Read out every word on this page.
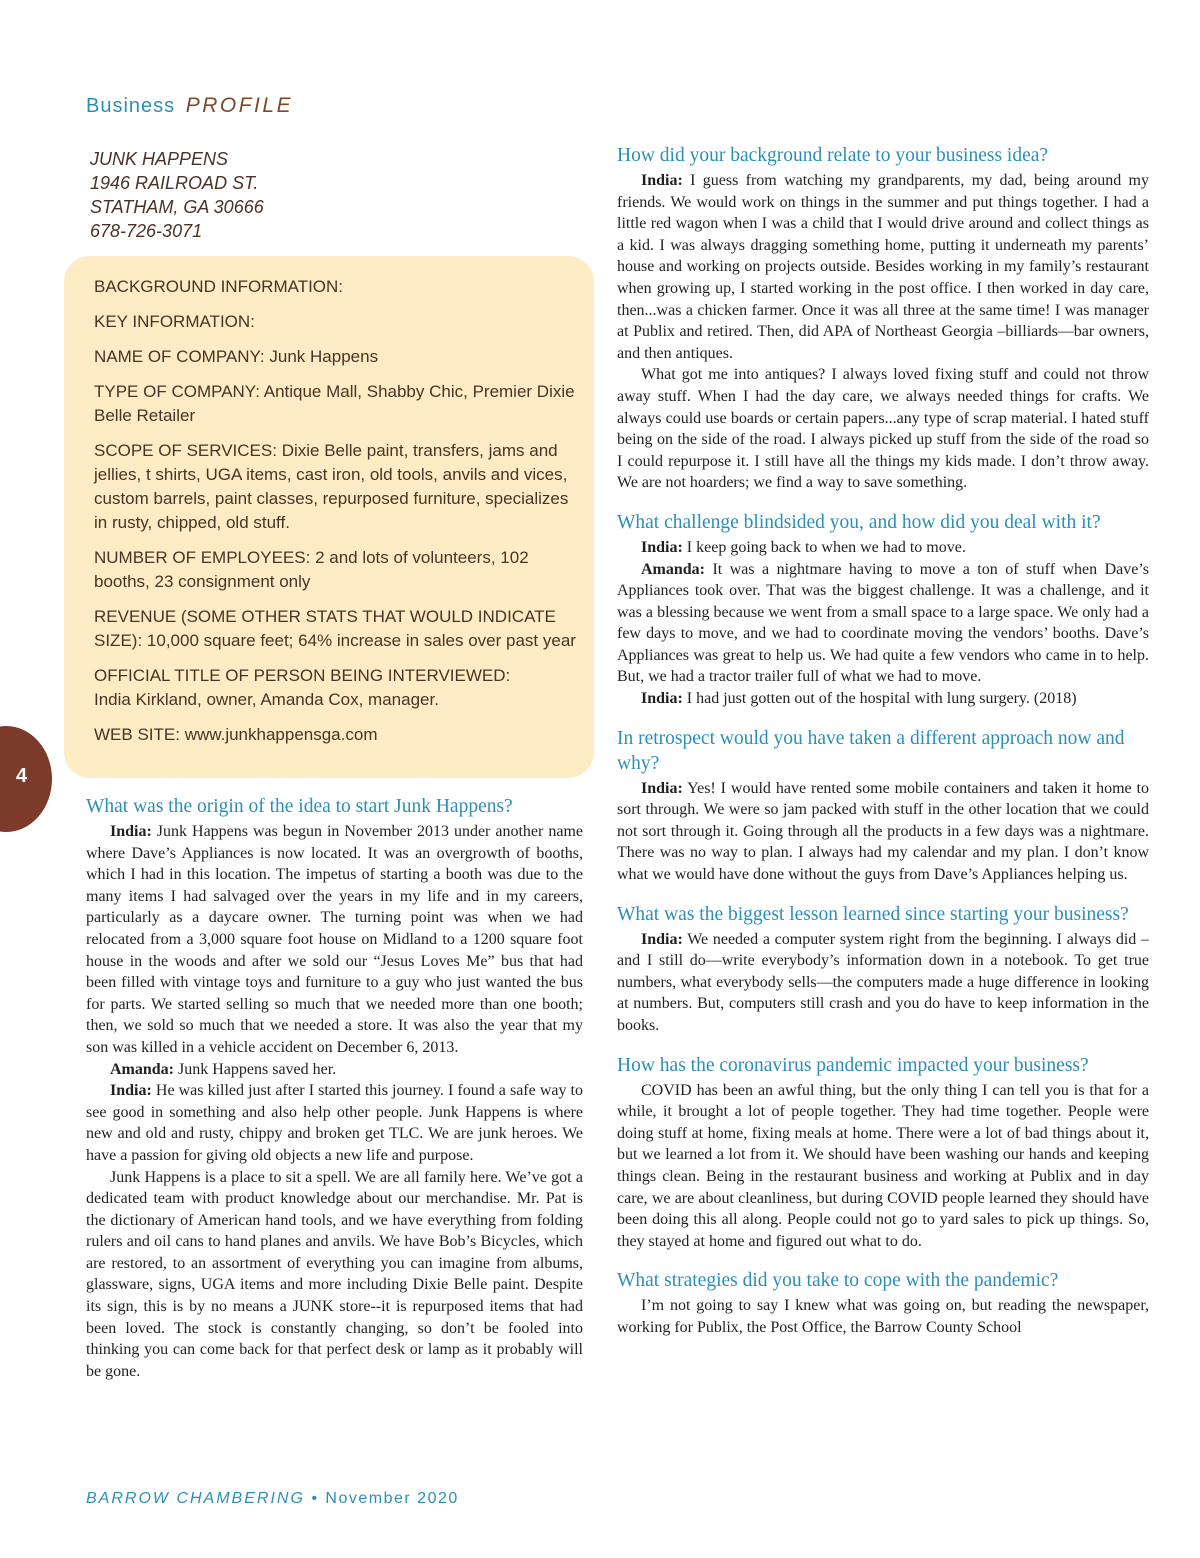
Business PROFILE
JUNK HAPPENS
1946 RAILROAD ST.
STATHAM, GA 30666
678-726-3071

BACKGROUND INFORMATION:

KEY INFORMATION:

NAME OF COMPANY: Junk Happens

TYPE OF COMPANY: Antique Mall, Shabby Chic, Premier Dixie Belle Retailer

SCOPE OF SERVICES: Dixie Belle paint, transfers, jams and jellies, t shirts, UGA items, cast iron, old tools, anvils and vices, custom barrels, paint classes, repurposed furniture, specializes in rusty, chipped, old stuff.

NUMBER OF EMPLOYEES: 2 and lots of volunteers, 102 booths, 23 consignment only

REVENUE (SOME OTHER STATS THAT WOULD INDICATE SIZE): 10,000 square feet; 64% increase in sales over past year

OFFICIAL TITLE OF PERSON BEING INTERVIEWED:
India Kirkland, owner, Amanda Cox, manager.

WEB SITE: www.junkhappensga.com

4
What was the origin of the idea to start Junk Happens?

India: Junk Happens was begun in November 2013 under another name where Dave’s Appliances is now located. It was an overgrowth of booths, which I had in this location. The impetus of starting a booth was due to the many items I had salvaged over the years in my life and in my careers, particularly as a daycare owner. The turning point was when we had relocated from a 3,000 square foot house on Midland to a 1200 square foot house in the woods and after we sold our “Jesus Loves Me” bus that had been filled with vintage toys and furniture to a guy who just wanted the bus for parts. We started selling so much that we needed more than one booth; then, we sold so much that we needed a store. It was also the year that my son was killed in a vehicle accident on December 6, 2013.

Amanda: Junk Happens saved her.

India: He was killed just after I started this journey. I found a safe way to see good in something and also help other people. Junk Happens is where new and old and rusty, chippy and broken get TLC. We are junk heroes. We have a passion for giving old objects a new life and purpose.

Junk Happens is a place to sit a spell. We are all family here. We’ve got a dedicated team with product knowledge about our merchandise. Mr. Pat is the dictionary of American hand tools, and we have everything from folding rulers and oil cans to hand planes and anvils. We have Bob’s Bicycles, which are restored, to an assortment of everything you can imagine from albums, glassware, signs, UGA items and more including Dixie Belle paint. Despite its sign, this is by no means a JUNK store--it is repurposed items that had been loved. The stock is constantly changing, so don’t be fooled into thinking you can come back for that perfect desk or lamp as it probably will be gone.

How did your background relate to your business idea?

India: I guess from watching my grandparents, my dad, being around my friends. We would work on things in the summer and put things together. I had a little red wagon when I was a child that I would drive around and collect things as a kid. I was always dragging something home, putting it underneath my parents’ house and working on projects outside. Besides working in my family’s restaurant when growing up, I started working in the post office. I then worked in day care, then...was a chicken farmer. Once it was all three at the same time! I was manager at Publix and retired. Then, did APA of Northeast Georgia –billiards—bar owners, and then antiques.

What got me into antiques? I always loved fixing stuff and could not throw away stuff. When I had the day care, we always needed things for crafts. We always could use boards or certain papers...any type of scrap material. I hated stuff being on the side of the road. I always picked up stuff from the side of the road so I could repurpose it. I still have all the things my kids made. I don’t throw away. We are not hoarders; we find a way to save something.

What challenge blindsided you, and how did you deal with it?

India: I keep going back to when we had to move.

Amanda: It was a nightmare having to move a ton of stuff when Dave’s Appliances took over. That was the biggest challenge. It was a challenge, and it was a blessing because we went from a small space to a large space. We only had a few days to move, and we had to coordinate moving the vendors’ booths. Dave’s Appliances was great to help us. We had quite a few vendors who came in to help. But, we had a tractor trailer full of what we had to move.

India: I had just gotten out of the hospital with lung surgery. (2018)

In retrospect would you have taken a different approach now and why?

India: Yes! I would have rented some mobile containers and taken it home to sort through. We were so jam packed with stuff in the other location that we could not sort through it. Going through all the products in a few days was a nightmare. There was no way to plan. I always had my calendar and my plan. I don’t know what we would have done without the guys from Dave’s Appliances helping us.

What was the biggest lesson learned since starting your business?

India: We needed a computer system right from the beginning. I always did –and I still do—write everybody’s information down in a notebook. To get true numbers, what everybody sells—the computers made a huge difference in looking at numbers. But, computers still crash and you do have to keep information in the books.

How has the coronavirus pandemic impacted your business?

COVID has been an awful thing, but the only thing I can tell you is that for a while, it brought a lot of people together. They had time together. People were doing stuff at home, fixing meals at home. There were a lot of bad things about it, but we learned a lot from it. We should have been washing our hands and keeping things clean. Being in the restaurant business and working at Publix and in day care, we are about cleanliness, but during COVID people learned they should have been doing this all along. People could not go to yard sales to pick up things. So, they stayed at home and figured out what to do.

What strategies did you take to cope with the pandemic?

I’m not going to say I knew what was going on, but reading the newspaper, working for Publix, the Post Office, the Barrow County School

BARROW CHAMBERING • November 2020
